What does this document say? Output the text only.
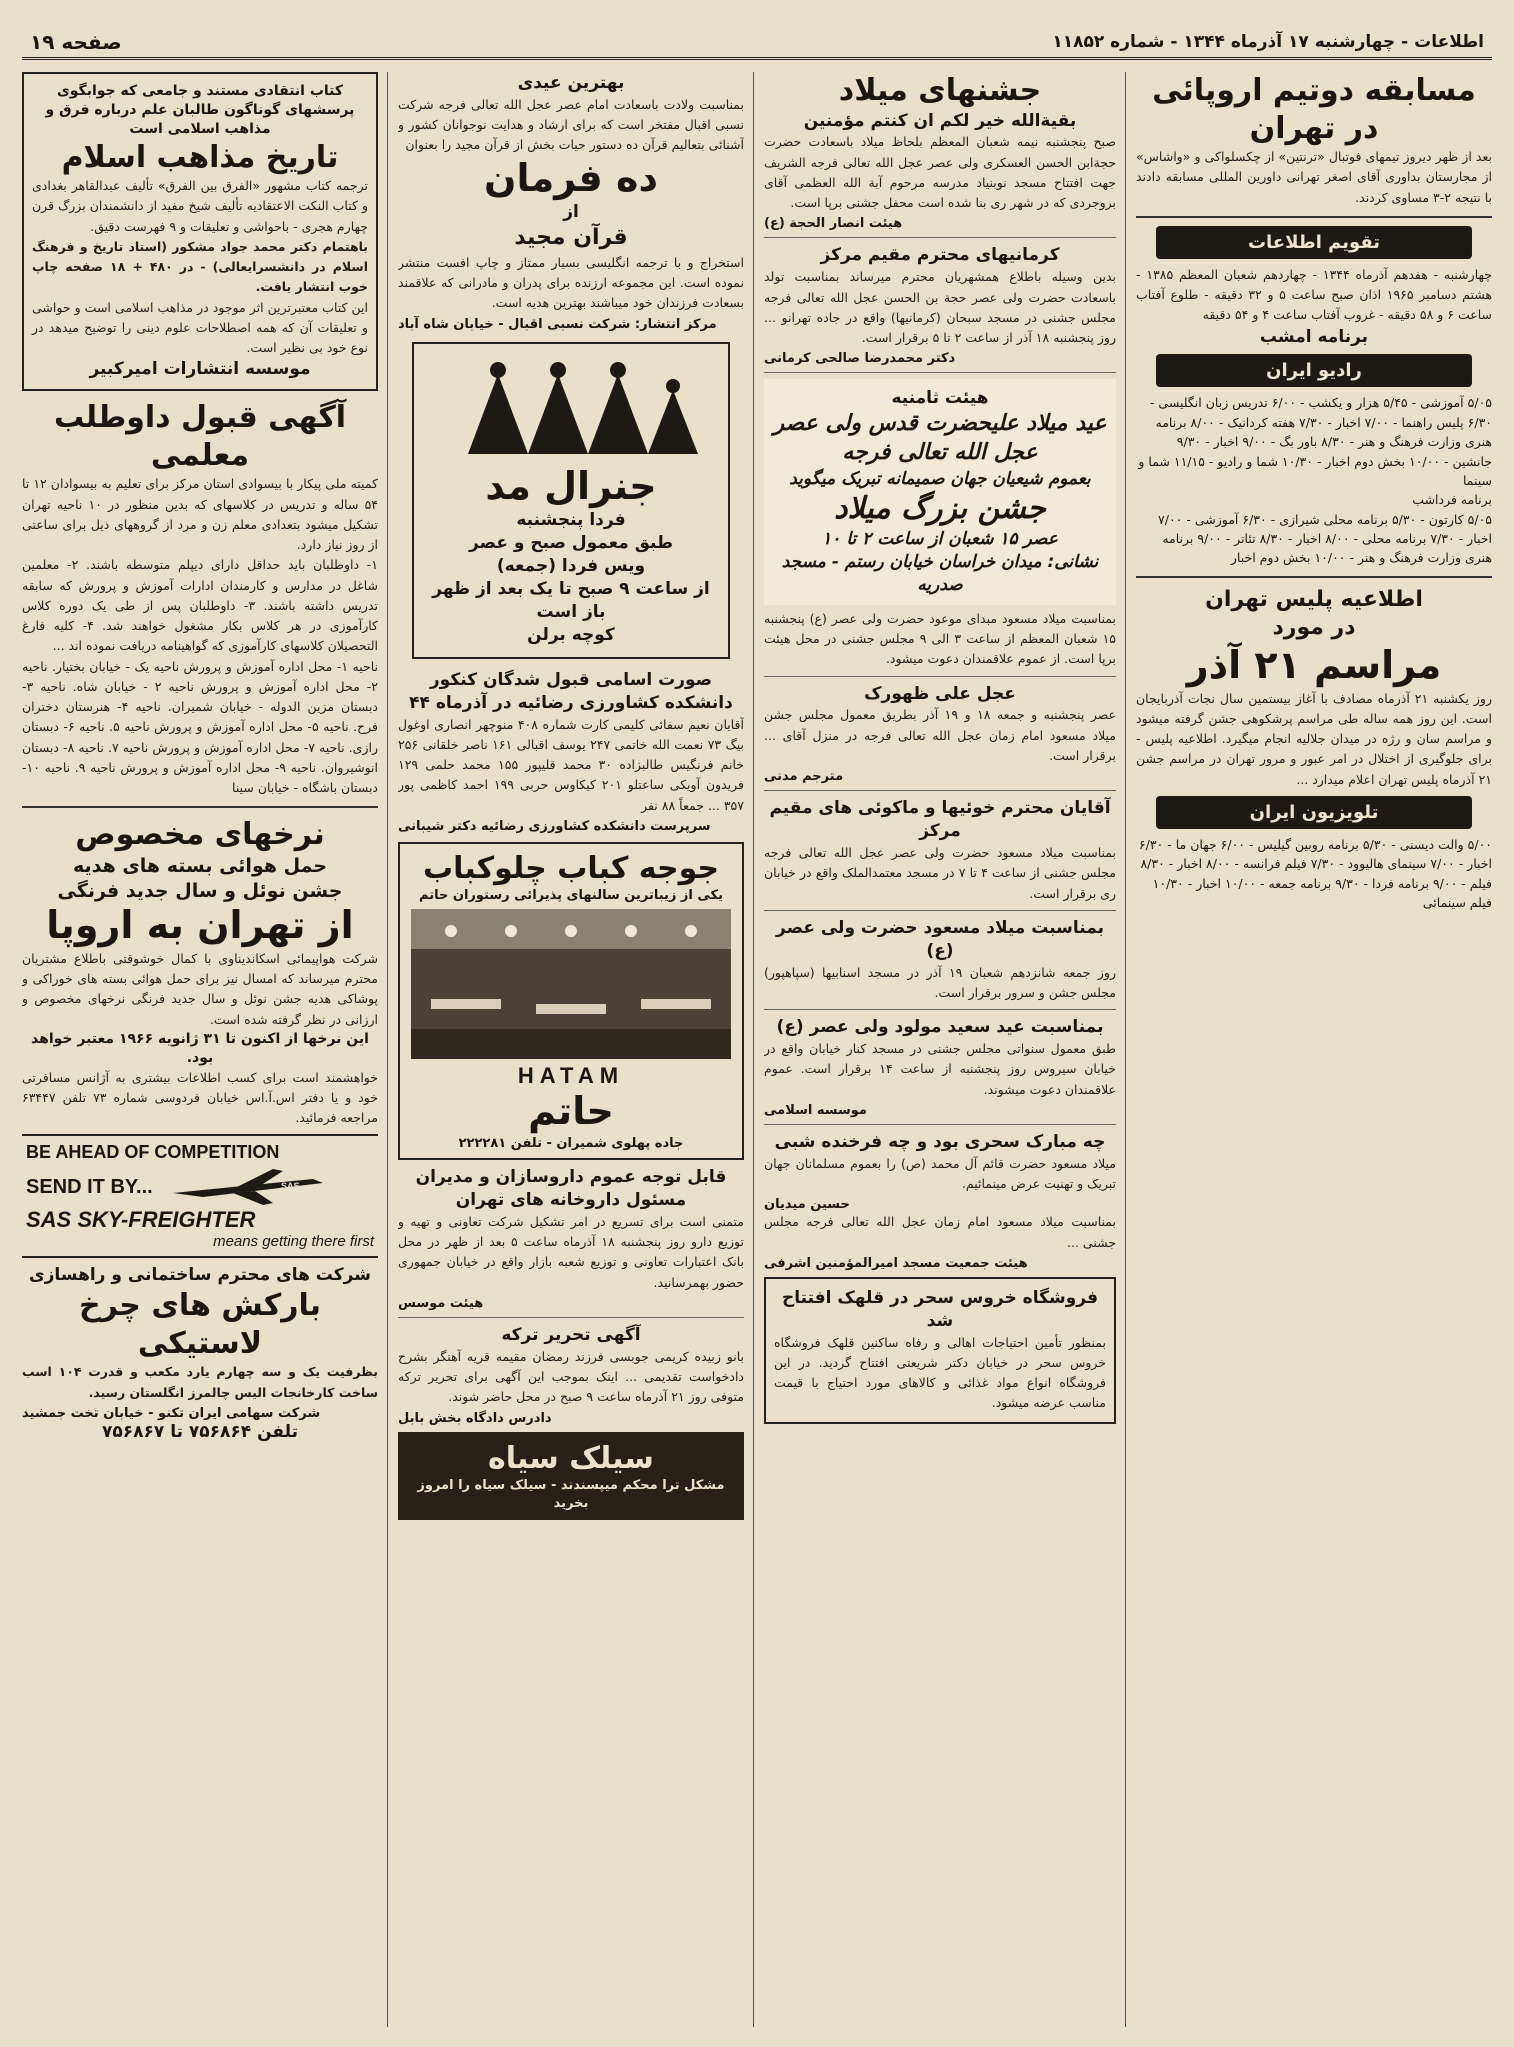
اطلاعات - چهارشنبه ۱۷ آذرماه ۱۳۴۴ - شماره ۱۱۸۵۲
صفحه ۱۹
مسابقه دوتیم اروپائی
در تهران
بعد از ظهر دیروز تیمهای فوتبال «ترنتین» از چکسلواکی و «واشاس» از مجارستان بداوری آقای اصغر تهرانی داورین المللی مسابقه دادند با نتیجه ۲-۳ مساوی کردند.
تقویم اطلاعات
چهارشنبه - هفدهم آذرماه ۱۳۴۴ - چهاردهم شعبان المعظم ۱۳۸۵ - هشتم دسامبر ۱۹۶۵ اذان صبح ساعت ۵ و ۳۲ دقیقه - طلوع آفتاب ساعت ۶ و ۵۸ دقیقه - غروب آفتاب ساعت ۴ و ۵۴ دقیقه
برنامه امشب
رادیو ایران
۵/۰۵ آموزشی - ۵/۴۵ هزار و یکشب - ۶/۰۰ تدریس زبان انگلیسی - ۶/۳۰ پلیس راهنما - ۷/۰۰ اخبار - ۷/۳۰ هفته کردانیک - ۸/۰۰ برنامه هنری وزارت فرهنگ و هنر - ۸/۳۰ باور بگ - ۹/۰۰ اخبار - ۹/۳۰ جانشین - ۱۰/۰۰ بخش دوم اخبار - ۱۰/۳۰ شما و رادیو - ۱۱/۱۵ شما و سینما
برنامه فرداشب
۵/۰۵ کارتون - ۵/۳۰ برنامه محلی شیرازی - ۶/۳۰ آموزشی - ۷/۰۰ اخبار - ۷/۳۰ برنامه محلی - ۸/۰۰ اخبار - ۸/۳۰ تئاتر - ۹/۰۰ برنامه هنری وزارت فرهنگ و هنر - ۱۰/۰۰ بخش دوم اخبار
اطلاعیه پلیس تهران
در مورد
مراسم ۲۱ آذر
روز یکشنبه ۲۱ آذرماه مصادف با آغاز بیستمین سال نجات آذربایجان است. این روز همه ساله طی مراسم پرشکوهی جشن گرفته میشود و مراسم سان و رژه در میدان جلالیه انجام میگیرد. اطلاعیه پلیس - برای جلوگیری از اختلال در امر عبور و مرور تهران در مراسم جشن ۲۱ آذرماه پلیس تهران اعلام میدارد ...
تلویزیون ایران
۵/۰۰ والت دیسنی - ۵/۳۰ برنامه روبین گیلیس - ۶/۰۰ جهان ما - ۶/۳۰ اخبار - ۷/۰۰ سینمای هالیوود - ۷/۳۰ فیلم فرانسه - ۸/۰۰ اخبار - ۸/۳۰ فیلم - ۹/۰۰ برنامه فردا - ۹/۳۰ برنامه جمعه - ۱۰/۰۰ اخبار - ۱۰/۳۰ فیلم سینمائی
جشنهای میلاد
بقیةالله خیر لکم ان کنتم مؤمنین
صبح پنجشنبه نیمه شعبان المعظم بلحاظ میلاد باسعادت حضرت حجةابن الحسن العسکری ولی عصر عجل الله تعالی فرجه الشریف جهت افتتاح مسجد نوبنیاد مدرسه مرحوم آیة الله العظمی آقای بروجردی که در شهر ری بنا شده است محفل جشنی برپا است.
هیئت انصار الحجة (ع)
کرمانیهای محترم مقیم مرکز
بدین وسیله باطلاع همشهریان محترم میرساند بمناسبت تولد باسعادت حضرت ولی عصر حجة بن الحسن عجل الله تعالی فرجه مجلس جشنی در مسجد سبحان (کرمانیها) واقع در جاده تهرانو ... روز پنجشنبه ۱۸ آذر از ساعت ۲ تا ۵ برقرار است.
دکتر محمدرضا صالحی کرمانی
هیئت ثامنیه
عید میلاد علیحضرت قدس ولی عصر عجل الله تعالی فرجه
بعموم شیعیان جهان صمیمانه تبریک میگوید
جشن بزرگ میلاد
عصر ۱۵ شعبان از ساعت ۲ تا ۱۰
نشانی: میدان خراسان خیابان رستم - مسجد صدریه
بمناسبت میلاد مسعود مبدای موعود حضرت ولی عصر (ع) پنجشنبه ۱۵ شعبان المعظم از ساعت ۳ الی ۹ مجلس جشنی در محل هیئت برپا است. از عموم علاقمندان دعوت میشود.
عجل علی ظهورک
عصر پنجشنبه و جمعه ۱۸ و ۱۹ آذر بطریق معمول مجلس جشن میلاد مسعود امام زمان عجل الله تعالی فرجه در منزل آقای ... برقرار است.
مترجم مدنی
آقایان محترم خوئیها و ماکوئی های مقیم مرکز
بمناسبت میلاد مسعود حضرت ولی عصر عجل الله تعالی فرجه مجلس جشنی از ساعت ۴ تا ۷ در مسجد معتمدالملک واقع در خیابان ری برقرار است.
بمناسبت میلاد مسعود حضرت ولی عصر (ع)
روز جمعه شانزدهم شعبان ۱۹ آذر در مسجد اسنابیها (سپاهپور) مجلس جشن و سرور برقرار است.
بمناسبت عید سعید مولود ولی عصر (ع)
طبق معمول سنواتی مجلس جشنی در مسجد کنار خیابان واقع در خیابان سیروس روز پنجشنبه از ساعت ۱۴ برقرار است. عموم علاقمندان دعوت میشوند.
موسسه اسلامی
چه مبارک سحری بود و چه فرخنده شبی
میلاد مسعود حضرت قائم آل محمد (ص) را بعموم مسلمانان جهان تبریک و تهنیت عرض مینمائیم.
حسین میدیان
بمناسبت میلاد مسعود امام زمان عجل الله تعالی فرجه مجلس جشنی ...
هیئت جمعیت مسجد امیرالمؤمنین اشرفی
فروشگاه خروس سحر در قلهک افتتاح شد
بمنظور تأمین احتیاجات اهالی و رفاه ساکنین قلهک فروشگاه خروس سحر در خیابان دکتر شریعتی افتتاح گردید. در این فروشگاه انواع مواد غذائی و کالاهای مورد احتیاج با قیمت مناسب عرضه میشود.
بهترین عیدی
بمناسبت ولادت باسعادت امام عصر عجل الله تعالی فرجه شرکت نسبی اقبال مفتخر است که برای ارشاد و هدایت نوجوانان کشور و آشنائی بتعالیم قرآن ده دستور حیات بخش از قرآن مجید را بعنوان
ده فرمان
از
قرآن مجید
استخراج و با ترجمه انگلیسی بسیار ممتاز و چاپ افست منتشر نموده است. این مجموعه ارزنده برای پدران و مادرانی که علاقمند بسعادت فرزندان خود میباشند بهترین هدیه است.
مرکز انتشار: شرکت نسبی اقبال - خیابان شاه آباد
جنرال مد
فردا پنجشنبه
طبق معمول صبح و عصر
ویس فردا (جمعه)
از ساعت ۹ صبح تا یک بعد از ظهر
باز است
کوچه برلن
صورت اسامی قبول شدگان کنکور
دانشکده کشاورزی رضائیه در آذرماه ۴۴
آقایان نعیم سفائی کلیمی کارت شماره ۴۰۸ منوچهر انصاری اوغول بیگ ۷۳ نعمت الله خاتمی ۲۴۷ یوسف اقبالی ۱۶۱ ناصر خلقانی ۲۵۶ خانم فرنگیس طالبزاده ۳۰ محمد قلیپور ۱۵۵ محمد حلمی ۱۲۹ فریدون آویکی ساعتلو ۲۰۱ کیکاوس حربی ۱۹۹ احمد کاظمی پور ۳۵۷ ... جمعاً ۸۸ نفر
سرپرست دانشکده کشاورزی رضائیه دکتر شیبانی
جوجه کباب چلوکباب
یکی از زیباترین سالنهای پذیرائی رستوران حاتم
HATAM
حاتم
جاده پهلوی شمیران - تلفن ۲۲۲۲۸۱
قابل توجه عموم داروسازان و مدیران
مسئول داروخانه های تهران
متمنی است برای تسریع در امر تشکیل شرکت تعاونی و تهیه و توزیع دارو روز پنجشنبه ۱۸ آذرماه ساعت ۵ بعد از ظهر در محل بانک اعتبارات تعاونی و توزیع شعبه بازار واقع در خیابان جمهوری حضور بهمرسانید.
هیئت موسس
آگهی تحریر ترکه
بانو زبیده کریمی جوبسی فرزند رمضان مقیمه قریه آهنگر بشرح دادخواست تقدیمی ... اینک بموجب این آگهی برای تحریر ترکه متوفی روز ۲۱ آذرماه ساعت ۹ صبح در محل حاضر شوند.
دادرس دادگاه بخش بابل
سیلک سیاه
مشکل ترا محکم میپسندند - سیلک سیاه را امروز بخرید
کتاب انتقادی مستند و جامعی که جوابگوی پرسشهای گوناگون طالبان علم درباره فرق و مذاهب اسلامی است
تاریخ مذاهب اسلام
ترجمه کتاب مشهور «الفرق بین الفرق» تألیف عبدالقاهر بغدادی و کتاب النکت الاعتقادیه تألیف شیخ مفید از دانشمندان بزرگ قرن چهارم هجری - باحواشی و تعلیقات و ۹ فهرست دقیق.
باهتمام دکتر محمد جواد مشکور (استاد تاریخ و فرهنگ اسلام در دانشسرایعالی) - در ۴۸۰ + ۱۸ صفحه چاپ خوب انتشار یافت.
این کتاب معتبرترین اثر موجود در مذاهب اسلامی است و حواشی و تعلیقات آن که همه اصطلاحات علوم دینی را توضیح میدهد در نوع خود بی نظیر است.
موسسه انتشارات امیرکبیر
آگهی قبول داوطلب معلمی
کمیته ملی پیکار با بیسوادی استان مرکز برای تعلیم به بیسوادان ۱۲ تا ۵۴ ساله و تدریس در کلاسهای که بدین منظور در ۱۰ ناحیه تهران تشکیل میشود بتعدادی معلم زن و مرد از گروههای ذیل برای ساعتی از روز نیاز دارد.
۱- داوطلبان باید حداقل دارای دیپلم متوسطه باشند. ۲- معلمین شاغل در مدارس و کارمندان ادارات آموزش و پرورش که سابقه تدریس داشته باشند. ۳- داوطلبان پس از طی یک دوره کلاس کارآموزی در هر کلاس بکار مشغول خواهند شد. ۴- کلیه فارغ التحصیلان کلاسهای کارآموزی که گواهینامه دریافت نموده اند ...
ناحیه ۱- محل اداره آموزش و پرورش ناحیه یک - خیابان بختیار. ناحیه ۲- محل اداره آموزش و پرورش ناحیه ۲ - خیابان شاه. ناحیه ۳- دبستان مزین الدوله - خیابان شمیران. ناحیه ۴- هنرستان دختران فرح. ناحیه ۵- محل اداره آموزش و پرورش ناحیه ۵. ناحیه ۶- دبستان رازی. ناحیه ۷- محل اداره آموزش و پرورش ناحیه ۷. ناحیه ۸- دبستان انوشیروان. ناحیه ۹- محل اداره آموزش و پرورش ناحیه ۹. ناحیه ۱۰- دبستان باشگاه - خیابان سینا
نرخهای مخصوص
حمل هوائی بسته های هدیه
جشن نوئل و سال جدید فرنگی
از تهران به اروپا
شرکت هواپیمائی اسکاندیناوی با کمال خوشوقتی باطلاع مشتریان محترم میرساند که امسال نیز برای حمل هوائی بسته های خوراکی و پوشاکی هدیه جشن نوئل و سال جدید فرنگی نرخهای مخصوص و ارزانی در نظر گرفته شده است.
این نرخها از اکنون تا ۳۱ ژانویه ۱۹۶۶ معتبر خواهد بود.
خواهشمند است برای کسب اطلاعات بیشتری به آژانس مسافرتی خود و یا دفتر اس.آ.اس خیابان فردوسی شماره ۷۳ تلفن ۶۳۴۴۷ مراجعه فرمائید.
BE AHEAD OF COMPETITION
SEND IT BY...	SAS
SAS SKY-FREIGHTER
means getting there first
شرکت های محترم ساختمانی و راهسازی
بارکش های چرخ لاستیکی
بظرفیت یک و سه چهارم یارد مکعب و قدرت ۱۰۴ اسب ساخت کارخانجات الیس چالمرز انگلستان رسید.
شرکت سهامی ایران تکنو - خیابان تخت جمشید
تلفن ۷۵۶۸۶۴ تا ۷۵۶۸۶۷
